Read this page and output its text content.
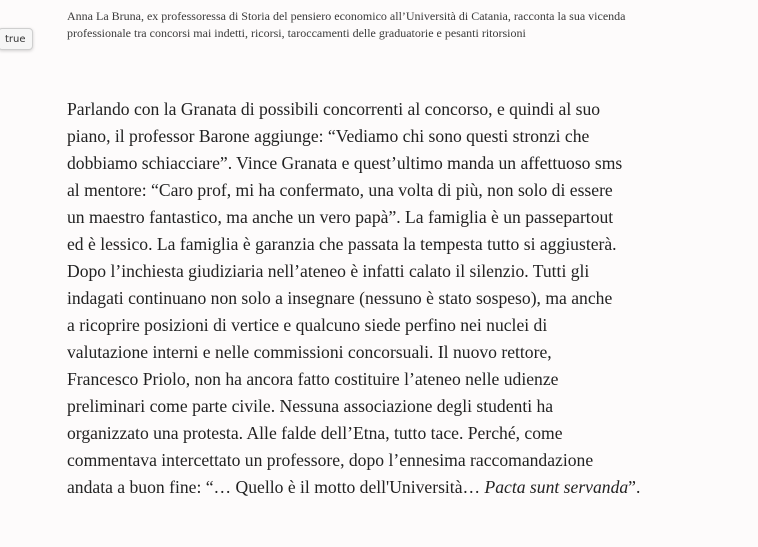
true
Anna La Bruna, ex professoressa di Storia del pensiero economico all’Università di Catania, racconta la sua vicenda
professionale tra concorsi mai indetti, ricorsi, taroccamenti delle graduatorie e pesanti ritorsioni
Parlando con la Granata di possibili concorrenti al concorso, e quindi al suo
piano, il professor Barone aggiunge: “Vediamo chi sono questi stronzi che
dobbiamo schiacciare”. Vince Granata e quest’ultimo manda un affettuoso sms
al mentore: “Caro prof, mi ha confermato, una volta di più, non solo di essere
un maestro fantastico, ma anche un vero papà”. La famiglia è un passepartout
ed è lessico. La famiglia è garanzia che passata la tempesta tutto si aggiusterà.
Dopo l’inchiesta giudiziaria nell’ateneo è infatti calato il silenzio. Tutti gli
indagati continuano non solo a insegnare (nessuno è stato sospeso), ma anche
a ricoprire posizioni di vertice e qualcuno siede perfino nei nuclei di
valutazione interni e nelle commissioni concorsuali. Il nuovo rettore,
Francesco Priolo, non ha ancora fatto costituire l’ateneo nelle udienze
preliminari come parte civile. Nessuna associazione degli studenti ha
organizzato una protesta. Alle falde dell’Etna, tutto tace. Perché, come
commentava intercettato un professore, dopo l’ennesima raccomandazione
andata a buon fine: “… Quello è il motto dell'Università… Pacta sunt servanda”.
